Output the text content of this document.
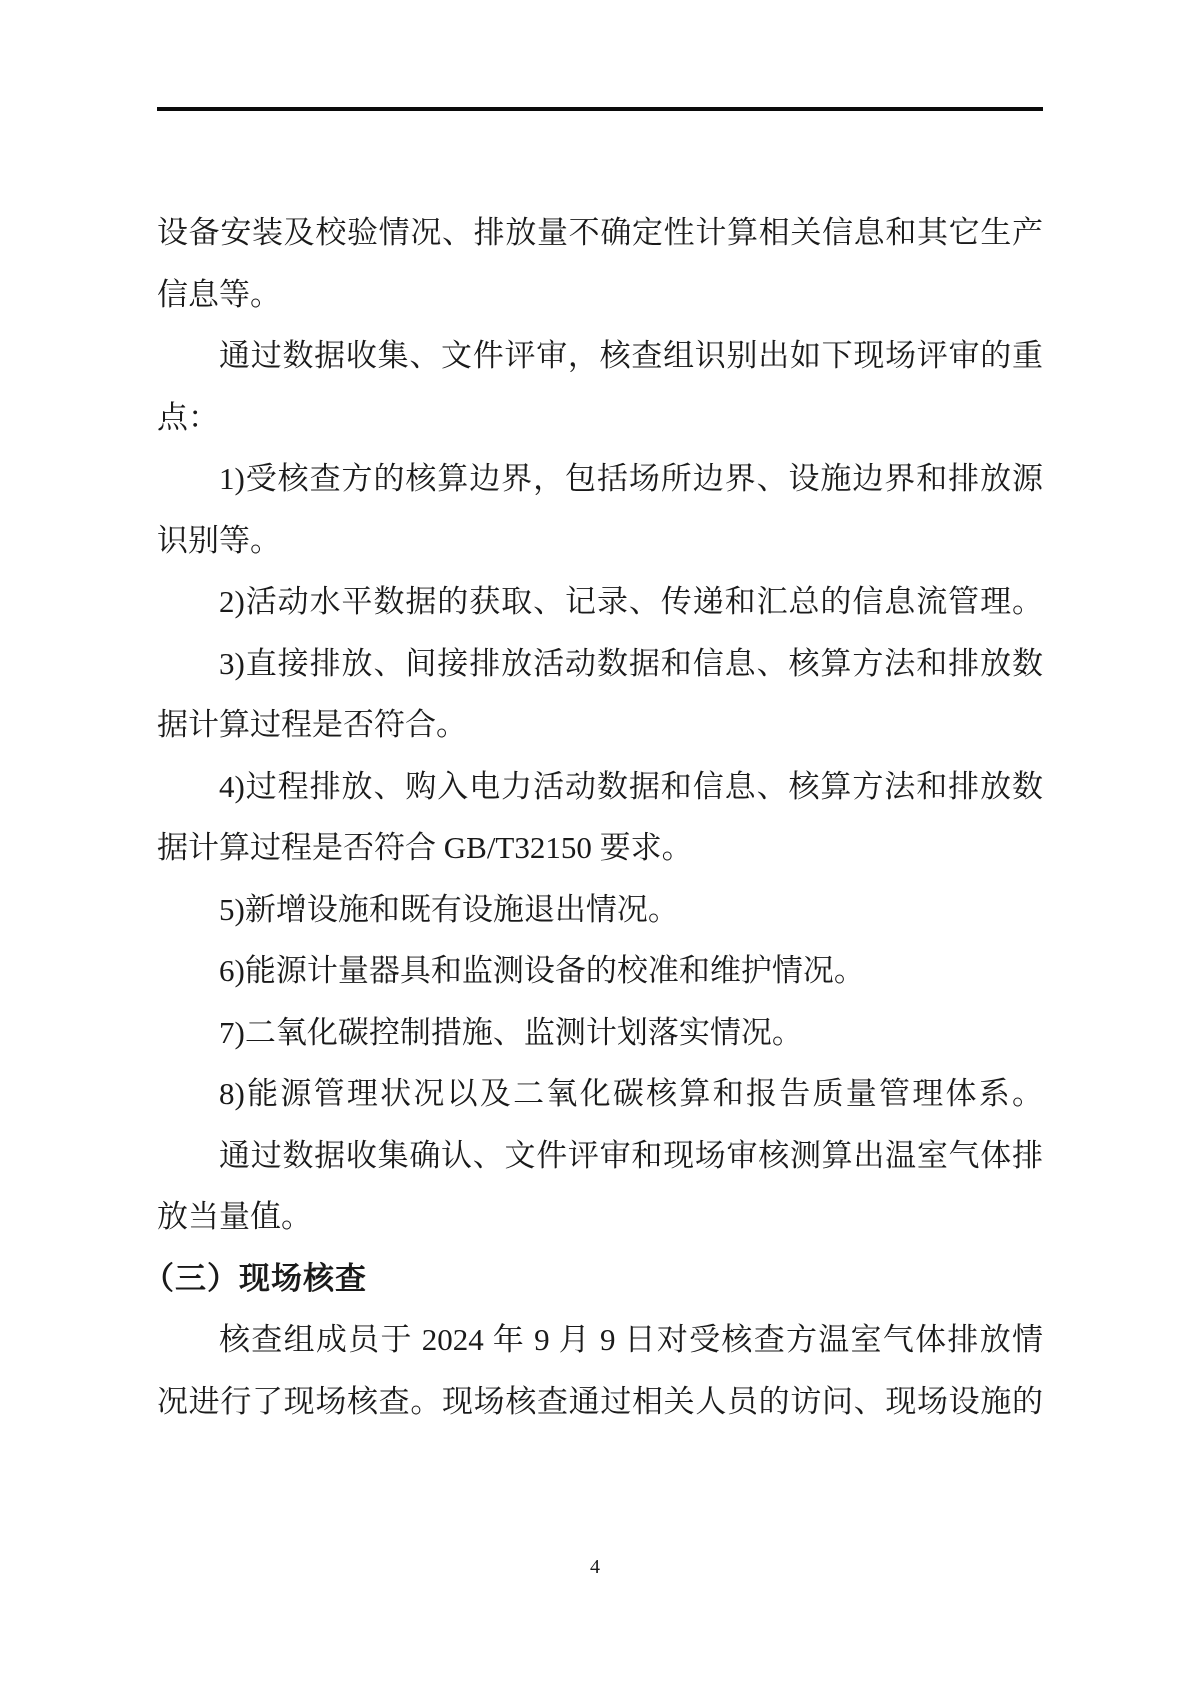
设备安装及校验情况、排放量不确定性计算相关信息和其它生产
信息等。
通过数据收集、文件评审，核查组识别出如下现场评审的重
点：
1)受核查方的核算边界，包括场所边界、设施边界和排放源
识别等。
2)活动水平数据的获取、记录、传递和汇总的信息流管理。
3)直接排放、间接排放活动数据和信息、核算方法和排放数
据计算过程是否符合。
4)过程排放、购入电力活动数据和信息、核算方法和排放数
据计算过程是否符合 GB/T32150 要求。
5)新增设施和既有设施退出情况。
6)能源计量器具和监测设备的校准和维护情况。
7)二氧化碳控制措施、监测计划落实情况。
8)能源管理状况以及二氧化碳核算和报告质量管理体系。
通过数据收集确认、文件评审和现场审核测算出温室气体排
放当量值。
（三）现场核查
核查组成员于 2024 年 9 月 9 日对受核查方温室气体排放情
况进行了现场核查。现场核查通过相关人员的访问、现场设施的
4
